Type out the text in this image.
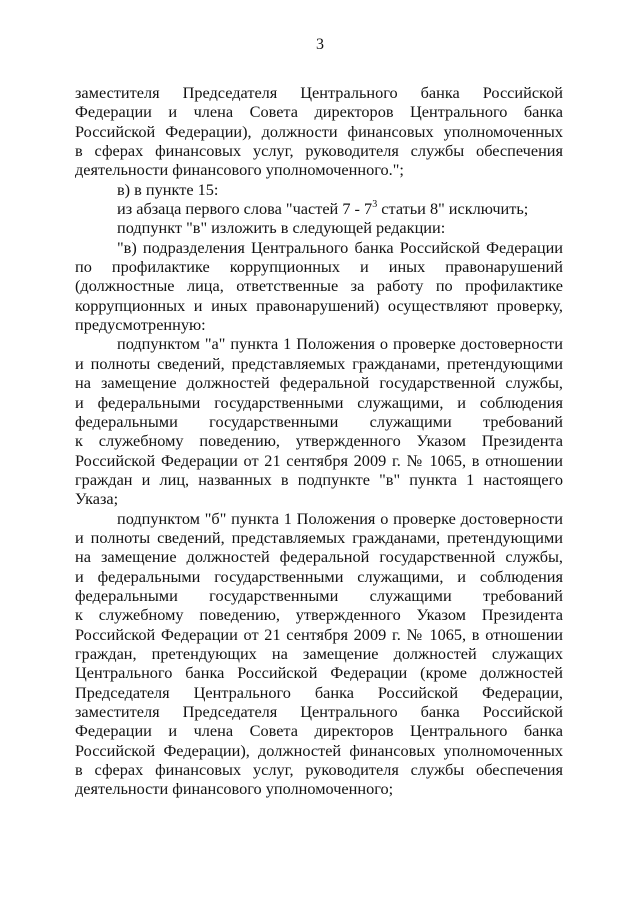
3
заместителя Председателя Центрального банка Российской
Федерации и члена Совета директоров Центрального банка
Российской Федерации), должности финансовых уполномоченных
в сферах финансовых услуг, руководителя службы обеспечения
деятельности финансового уполномоченного.";
в) в пункте 15:
из абзаца первого слова "частей $7 - 7^3$ статьи 8" исключить;
подпункт "в" изложить в следующей редакции:
"в) подразделения Центрального банка Российской Федерации
по профилактике коррупционных и иных правонарушений
(должностные лица, ответственные за работу по профилактике
коррупционных и иных правонарушений) осуществляют проверку,
предусмотренную:
подпунктом "а" пункта 1 Положения о проверке достоверности
и полноты сведений, представляемых гражданами, претендующими
на замещение должностей федеральной государственной службы,
и федеральными государственными служащими, и соблюдения
федеральными государственными служащими требований
к служебному поведению, утвержденного Указом Президента
Российской Федерации от 21 сентября 2009 г. № 1065, в отношении
граждан и лиц, названных в подпункте "в" пункта 1 настоящего
Указа;
подпунктом "б" пункта 1 Положения о проверке достоверности
и полноты сведений, представляемых гражданами, претендующими
на замещение должностей федеральной государственной службы,
и федеральными государственными служащими, и соблюдения
федеральными государственными служащими требований
к служебному поведению, утвержденного Указом Президента
Российской Федерации от 21 сентября 2009 г. № 1065, в отношении
граждан, претендующих на замещение должностей служащих
Центрального банка Российской Федерации (кроме должностей
Председателя Центрального банка Российской Федерации,
заместителя Председателя Центрального банка Российской
Федерации и члена Совета директоров Центрального банка
Российской Федерации), должностей финансовых уполномоченных
в сферах финансовых услуг, руководителя службы обеспечения
деятельности финансового уполномоченного;
